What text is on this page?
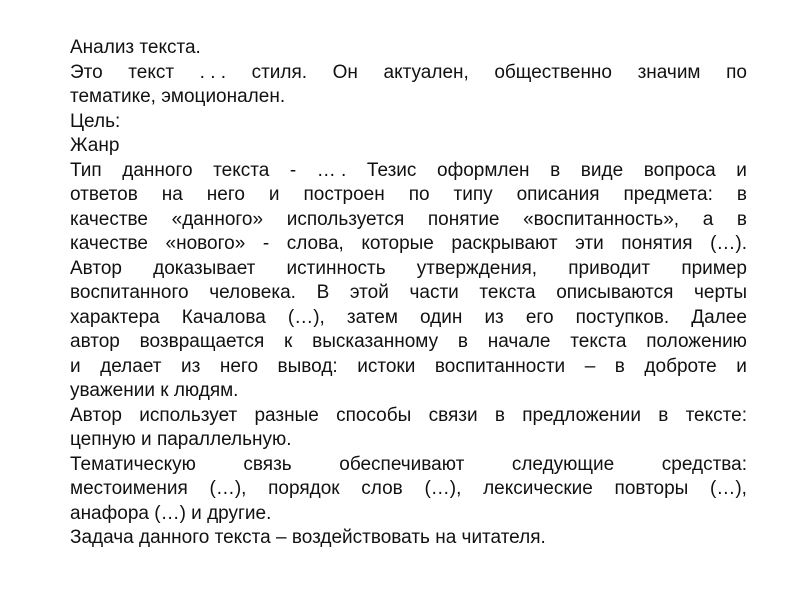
Анализ текста.
Это текст . . . стиля. Он актуален, общественно значим по
тематике, эмоционален.
Цель:
Жанр
Тип данного текста - … . Тезис оформлен в виде вопроса и
ответов на него и построен по типу описания предмета: в
качестве «данного» используется понятие «воспитанность», а в
качестве «нового» - слова, которые раскрывают эти понятия (…).
Автор доказывает истинность утверждения, приводит пример
воспитанного человека. В этой части текста описываются черты
характера Качалова (…), затем один из его поступков. Далее
автор возвращается к высказанному в начале текста положению
и делает из него вывод: истоки воспитанности – в доброте и
уважении к людям.
Автор использует разные способы связи в предложении в тексте:
цепную и параллельную.
Тематическую	связь	обеспечивают	следующие	средства:
местоимения (…), порядок слов (…), лексические повторы (…),
анафора (…) и другие.
Задача данного текста – воздействовать на читателя.
